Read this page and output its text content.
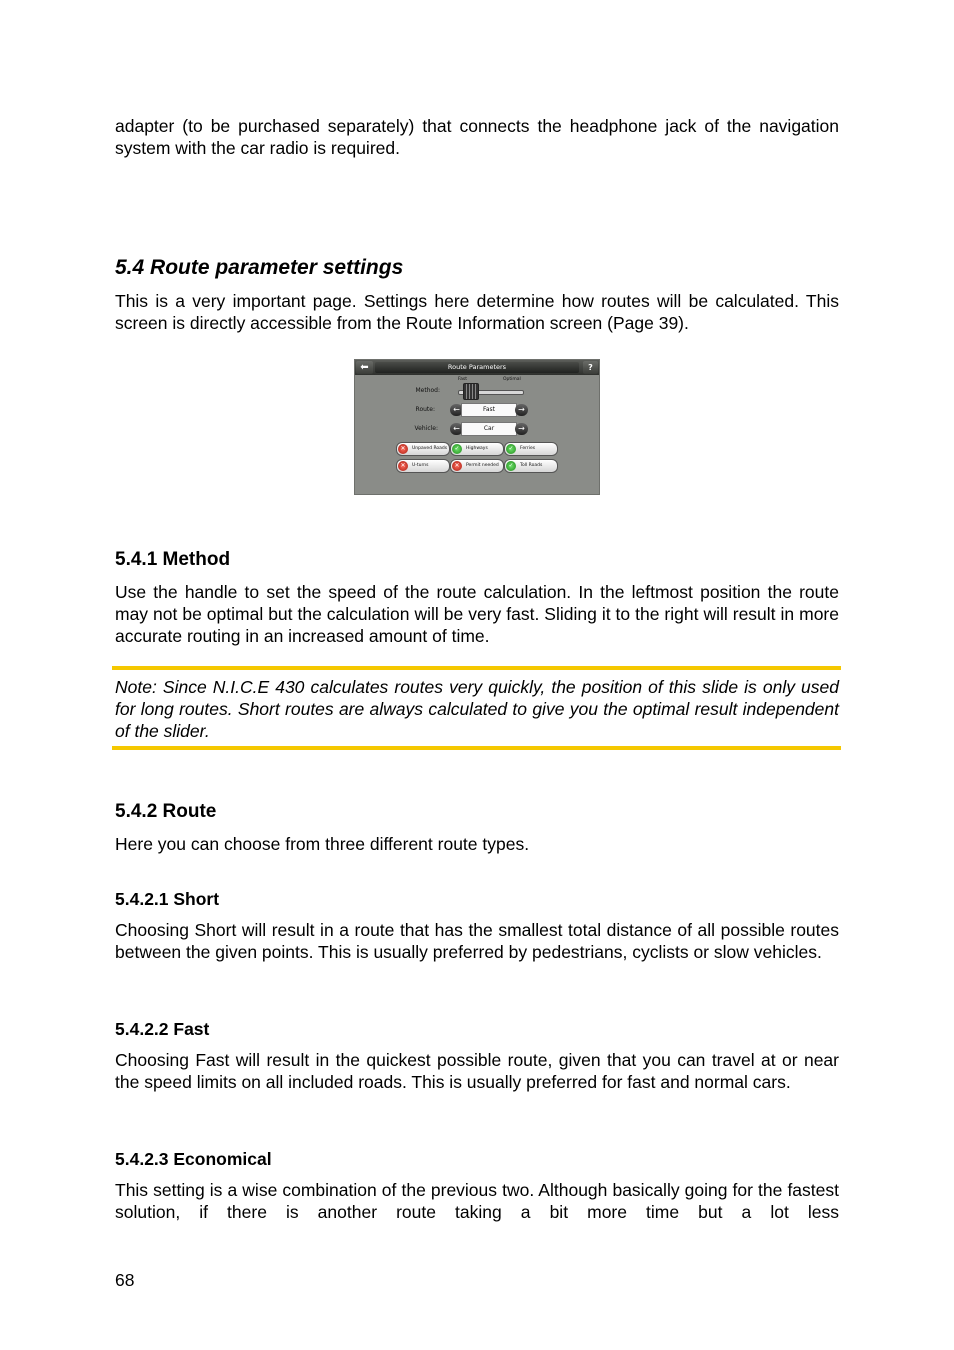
adapter (to be purchased separately) that connects the headphone jack of the navigation system with the car radio is required.

5.4 Route parameter settings

This is a very important page. Settings here determine how routes will be calculated. This screen is directly accessible from the Route Information screen (Page 39).

5.4.1 Method

Use the handle to set the speed of the route calculation. In the leftmost position the route may not be optimal but the calculation will be very fast. Sliding it to the right will result in more accurate routing in an increased amount of time.

Note: Since N.I.C.E 430 calculates routes very quickly, the position of this slide is only used for long routes. Short routes are always calculated to give you the optimal result independent of the slider.

5.4.2 Route

Here you can choose from three different route types.

5.4.2.1 Short

Choosing Short will result in a route that has the smallest total distance of all possible routes between the given points. This is usually preferred by pedestrians, cyclists or slow vehicles.

5.4.2.2 Fast

Choosing Fast will result in the quickest possible route, given that you can travel at or near the speed limits on all included roads. This is usually preferred for fast and normal cars.

5.4.2.3 Economical

This setting is a wise combination of the previous two. Although basically going for the fastest solution, if there is another route taking a bit more time but a lot less

⬅	Route Parameters	?
Method:
Fast	Optimal
Route:	←	Fast	→
Vehicle:	←	Car	→
✕	Unpaved Roads	✓	Highways	✓	Ferries
✕	U-turns	✕	Permit needed	✓	Toll Roads
68
